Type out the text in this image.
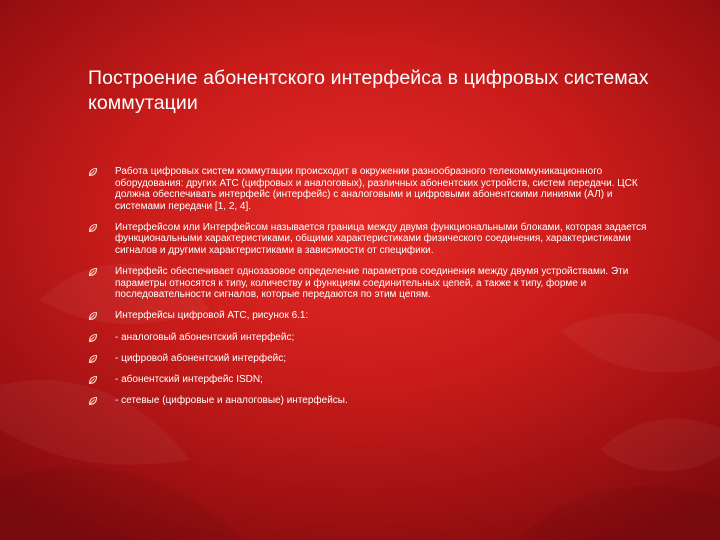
Построение абонентского интерфейса в цифровых системах коммутации
Работа цифровых систем коммутации происходит в окружении разнообразного телекоммуникационного оборудования: других АТС (цифровых и аналоговых), различных абонентских устройств, систем передачи. ЦСК должна обеспечивать интерфейс (интерфейс) с аналоговыми и цифровыми абонентскими линиями (АЛ) и системами передачи [1, 2, 4].
Интерфейсом или Интерфейсом называется граница между двумя функциональными блоками, которая задается функциональными характеристиками, общими характеристиками физического соединения, характеристиками сигналов и другими характеристиками в зависимости от специфики.
Интерфейс обеспечивает однозазовое определение параметров соединения между двумя устройствами. Эти параметры относятся к типу, количеству и функциям соединительных цепей, а также к типу, форме и последовательности сигналов, которые передаются по этим цепям.
Интерфейсы цифровой АТС, рисунок 6.1:
- аналоговый абонентский интерфейс;
- цифровой абонентский интерфейс;
- абонентский интерфейс ISDN;
- сетевые (цифровые и аналоговые) интерфейсы.
